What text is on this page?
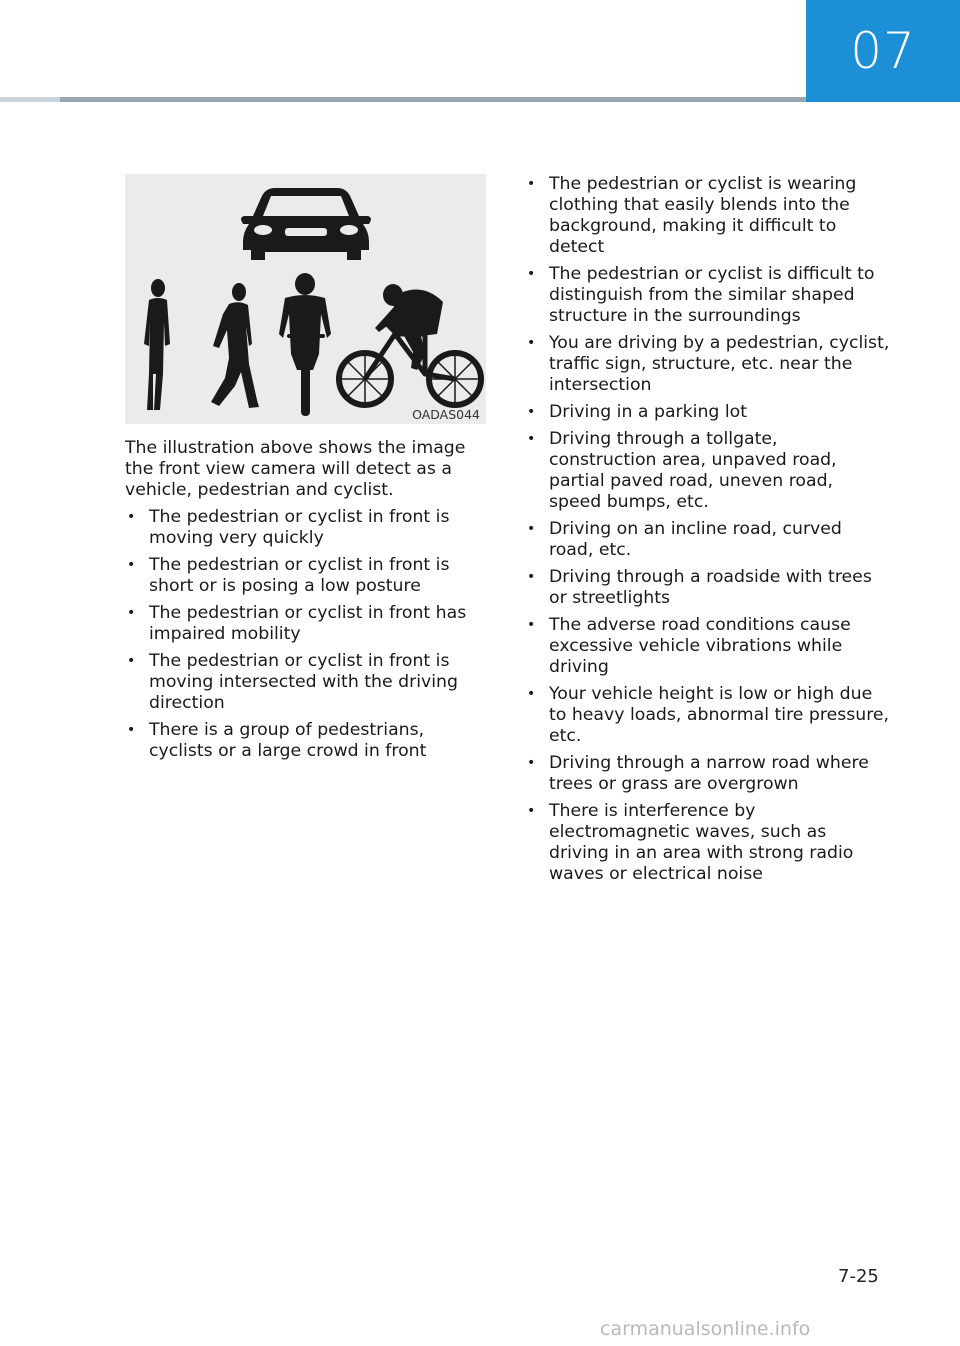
07
OADAS044

The illustration above shows the image the front view camera will detect as a vehicle, pedestrian and cyclist.

• The pedestrian or cyclist in front is moving very quickly
• The pedestrian or cyclist in front is short or is posing a low posture
• The pedestrian or cyclist in front has impaired mobility
• The pedestrian or cyclist in front is moving intersected with the driving direction
• There is a group of pedestrians, cyclists or a large crowd in front
• The pedestrian or cyclist is wearing clothing that easily blends into the background, making it difficult to detect
• The pedestrian or cyclist is difficult to distinguish from the similar shaped structure in the surroundings
• You are driving by a pedestrian, cyclist, traffic sign, structure, etc. near the intersection
• Driving in a parking lot
• Driving through a tollgate, construction area, unpaved road, partial paved road, uneven road, speed bumps, etc.
• Driving on an incline road, curved road, etc.
• Driving through a roadside with trees or streetlights
• The adverse road conditions cause excessive vehicle vibrations while driving
• Your vehicle height is low or high due to heavy loads, abnormal tire pressure, etc.
• Driving through a narrow road where trees or grass are overgrown
• There is interference by electromagnetic waves, such as driving in an area with strong radio waves or electrical noise
7-25
carmanualsonline.info
